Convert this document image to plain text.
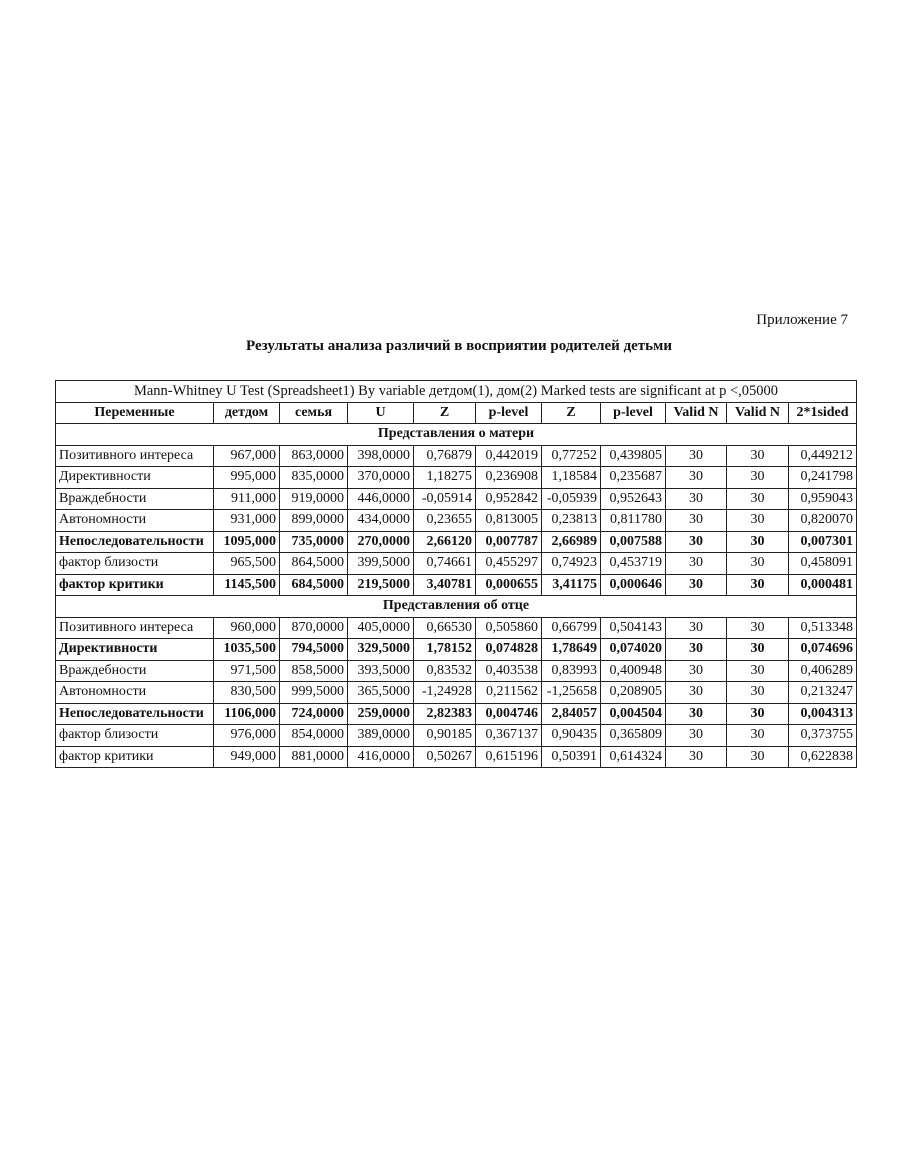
Приложение 7
Результаты анализа различий в восприятии родителей детьми
Mann-Whitney U Test (Spreadsheet1) By variable детдом(1), дом(2) Marked tests are significant at p <,05000										
Переменные	детдом	семья	U	Z	p-level	Z	p-level	Valid N	Valid N	2*1sided
Представления о матери										
Позитивного интереса	967,000	863,0000	398,0000	0,76879	0,442019	0,77252	0,439805	30	30	0,449212
Директивности	995,000	835,0000	370,0000	1,18275	0,236908	1,18584	0,235687	30	30	0,241798
Враждебности	911,000	919,0000	446,0000	-0,05914	0,952842	-0,05939	0,952643	30	30	0,959043
Автономности	931,000	899,0000	434,0000	0,23655	0,813005	0,23813	0,811780	30	30	0,820070
Непоследовательности	1095,000	735,0000	270,0000	2,66120	0,007787	2,66989	0,007588	30	30	0,007301
фактор близости	965,500	864,5000	399,5000	0,74661	0,455297	0,74923	0,453719	30	30	0,458091
фактор критики	1145,500	684,5000	219,5000	3,40781	0,000655	3,41175	0,000646	30	30	0,000481
Представления об отце										
Позитивного интереса	960,000	870,0000	405,0000	0,66530	0,505860	0,66799	0,504143	30	30	0,513348
Директивности	1035,500	794,5000	329,5000	1,78152	0,074828	1,78649	0,074020	30	30	0,074696
Враждебности	971,500	858,5000	393,5000	0,83532	0,403538	0,83993	0,400948	30	30	0,406289
Автономности	830,500	999,5000	365,5000	-1,24928	0,211562	-1,25658	0,208905	30	30	0,213247
Непоследовательности	1106,000	724,0000	259,0000	2,82383	0,004746	2,84057	0,004504	30	30	0,004313
фактор близости	976,000	854,0000	389,0000	0,90185	0,367137	0,90435	0,365809	30	30	0,373755
фактор критики	949,000	881,0000	416,0000	0,50267	0,615196	0,50391	0,614324	30	30	0,622838
